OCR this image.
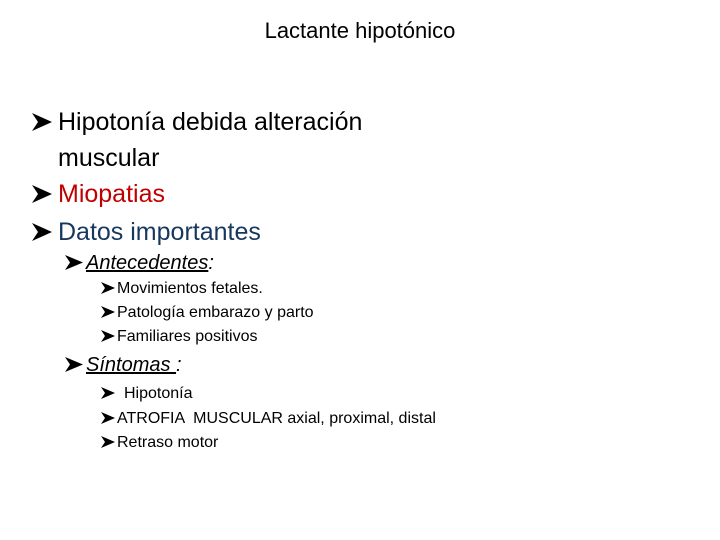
Lactante hipotónico
Hipotonía debida alteración
muscular
Miopatias
Datos importantes
Antecedentes :
Movimientos fetales.
Patología embarazo y parto
Familiares positivos
Síntomas :
Hipotonía
ATROFIA  MUSCULAR axial, proximal, distal
Retraso motor
